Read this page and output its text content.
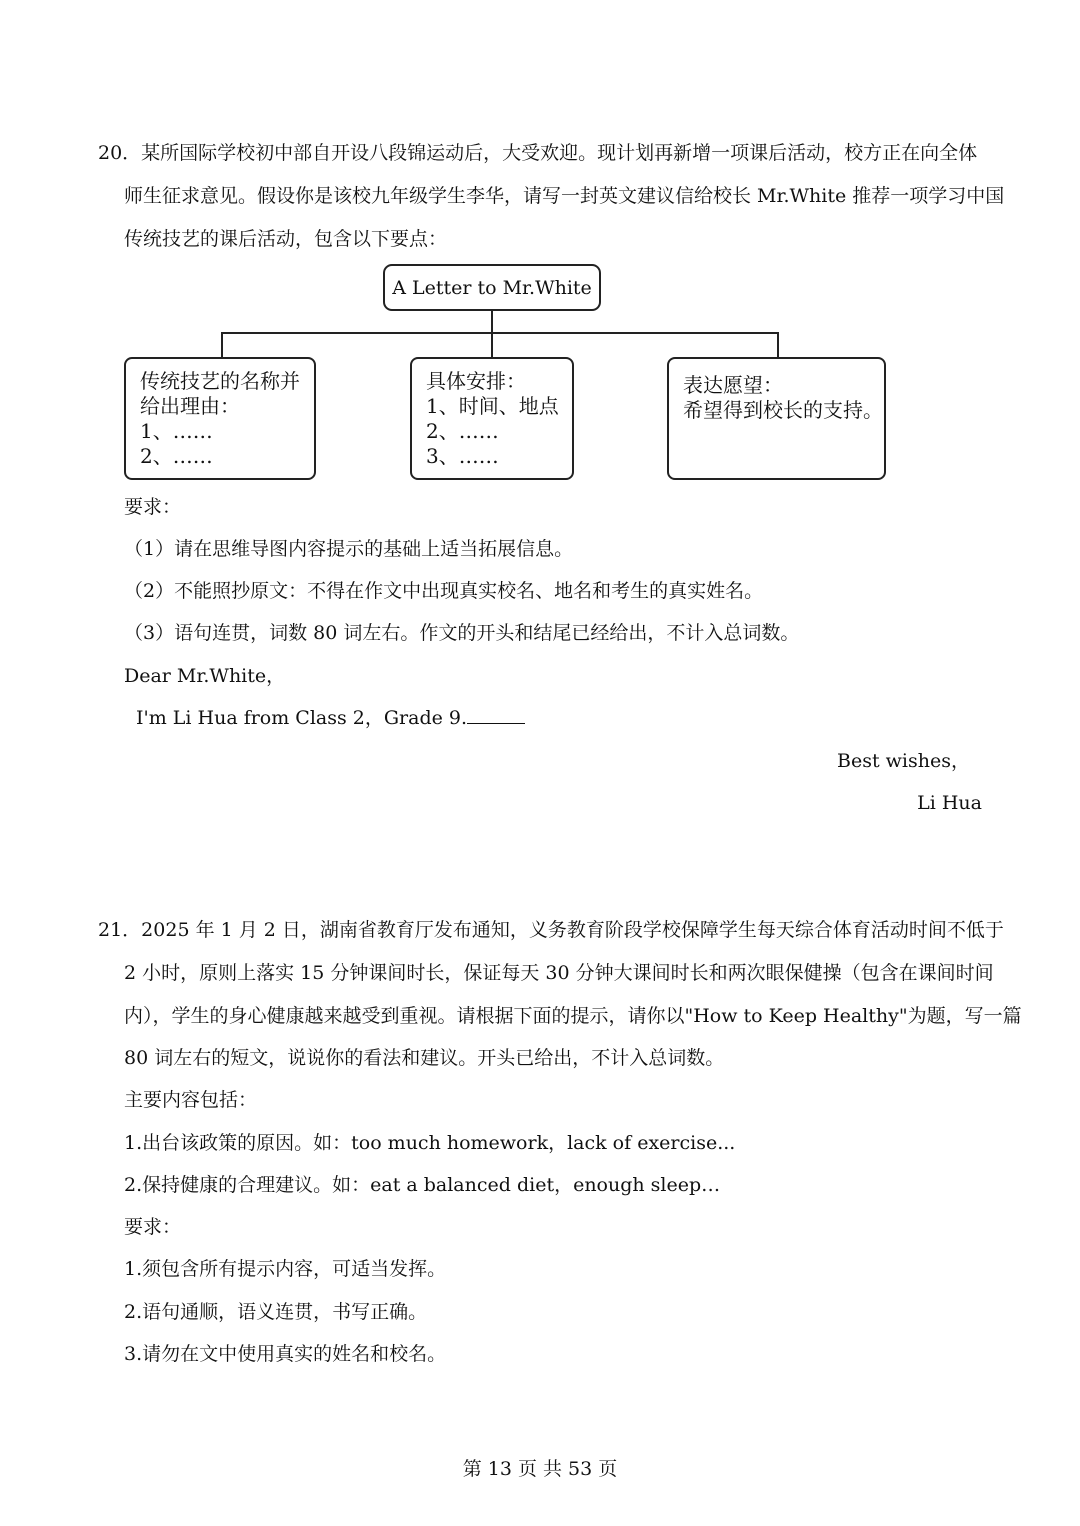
20．某所国际学校初中部自开设八段锦运动后，大受欢迎。现计划再新增一项课后活动，校方正在向全体
师生征求意见。假设你是该校九年级学生李华，请写一封英文建议信给校长 Mr.White 推荐一项学习中国
传统技艺的课后活动，包含以下要点：
A Letter to Mr.White
传统技艺的名称并
给出理由：
1、……
2、……
具体安排：
1、时间、地点
2、……
3、……
表达愿望：
希望得到校长的支持。
要求：
（1）请在思维导图内容提示的基础上适当拓展信息。
（2）不能照抄原文：不得在作文中出现真实校名、地名和考生的真实姓名。
（3）语句连贯，词数 80 词左右。作文的开头和结尾已经给出，不计入总词数。
Dear Mr.White，
I'm Li Hua from Class 2，Grade 9.
Best wishes，
Li Hua
21．2025 年 1 月 2 日，湖南省教育厅发布通知，义务教育阶段学校保障学生每天综合体育活动时间不低于
2 小时，原则上落实 15 分钟课间时长，保证每天 30 分钟大课间时长和两次眼保健操（包含在课间时间
内），学生的身心健康越来越受到重视。请根据下面的提示，请你以"How to Keep Healthy"为题，写一篇
80 词左右的短文，说说你的看法和建议。开头已给出，不计入总词数。
主要内容包括：
1.出台该政策的原因。如：too much homework，lack of exercise...
2.保持健康的合理建议。如：eat a balanced diet，enough sleep…
要求：
1.须包含所有提示内容，可适当发挥。
2.语句通顺，语义连贯，书写正确。
3.请勿在文中使用真实的姓名和校名。
第 13 页 共 53 页
